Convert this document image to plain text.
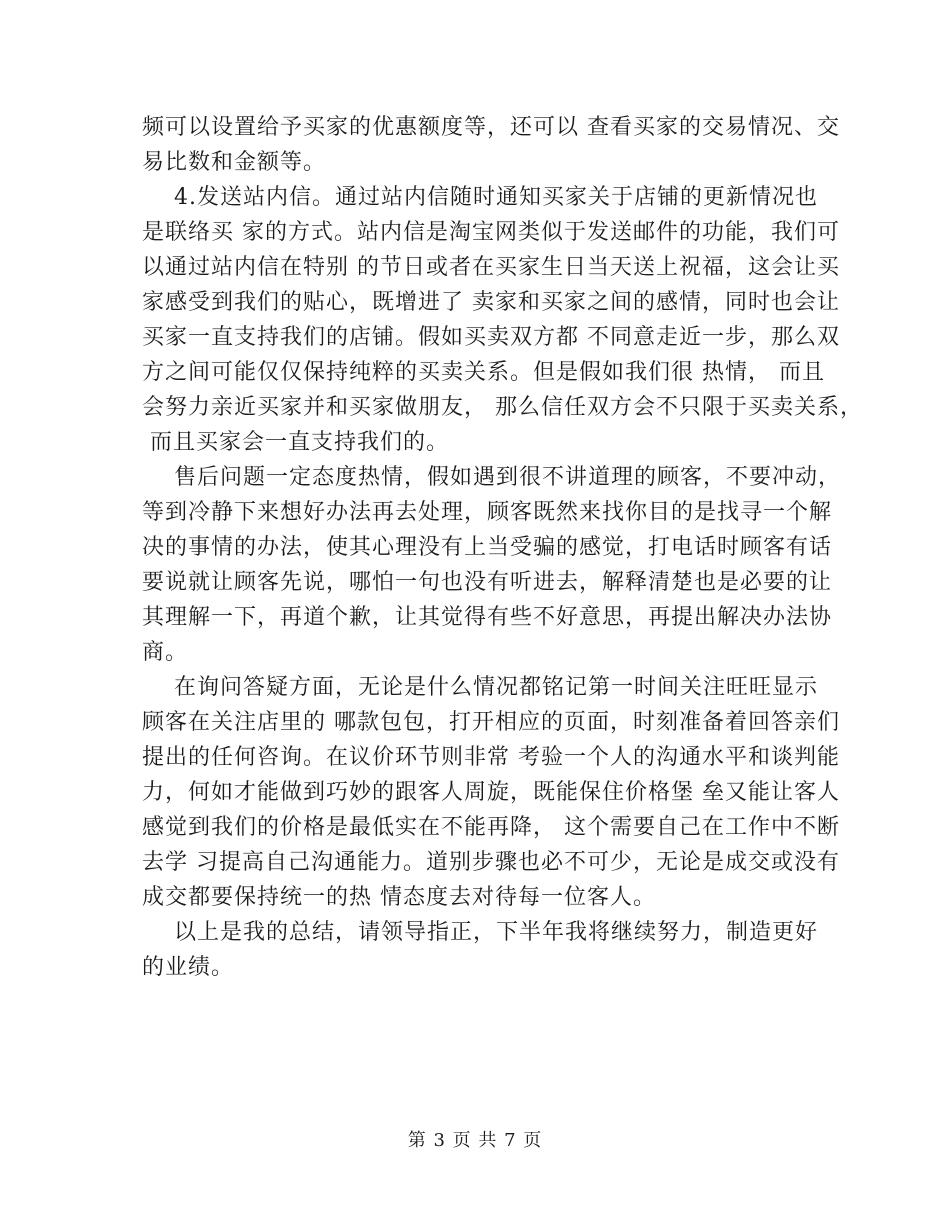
频可以设置给予买家的优惠额度等，还可以 查看买家的交易情况、交
易比数和金额等。
4.发送站内信。通过站内信随时通知买家关于店铺的更新情况也
是联络买 家的方式。站内信是淘宝网类似于发送邮件的功能，我们可
以通过站内信在特别 的节日或者在买家生日当天送上祝福，这会让买
家感受到我们的贴心，既增进了 卖家和买家之间的感情，同时也会让
买家一直支持我们的店铺。假如买卖双方都 不同意走近一步，那么双
方之间可能仅仅保持纯粹的买卖关系。但是假如我们很 热情， 而且
会努力亲近买家并和买家做朋友， 那么信任双方会不只限于买卖关系，
而且买家会一直支持我们的。
售后问题一定态度热情，假如遇到很不讲道理的顾客，不要冲动，
等到冷静下来想好办法再去处理，顾客既然来找你目的是找寻一个解
决的事情的办法，使其心理没有上当受骗的感觉，打电话时顾客有话
要说就让顾客先说，哪怕一句也没有听进去，解释清楚也是必要的让
其理解一下，再道个歉，让其觉得有些不好意思，再提出解决办法协
商。
在询问答疑方面，无论是什么情况都铭记第一时间关注旺旺显示
顾客在关注店里的 哪款包包，打开相应的页面，时刻准备着回答亲们
提出的任何咨询。在议价环节则非常 考验一个人的沟通水平和谈判能
力，何如才能做到巧妙的跟客人周旋，既能保住价格堡 垒又能让客人
感觉到我们的价格是最低实在不能再降， 这个需要自己在工作中不断
去学 习提高自己沟通能力。道别步骤也必不可少，无论是成交或没有
成交都要保持统一的热 情态度去对待每一位客人。
以上是我的总结，请领导指正，下半年我将继续努力，制造更好
的业绩。
第 3 页 共 7 页
